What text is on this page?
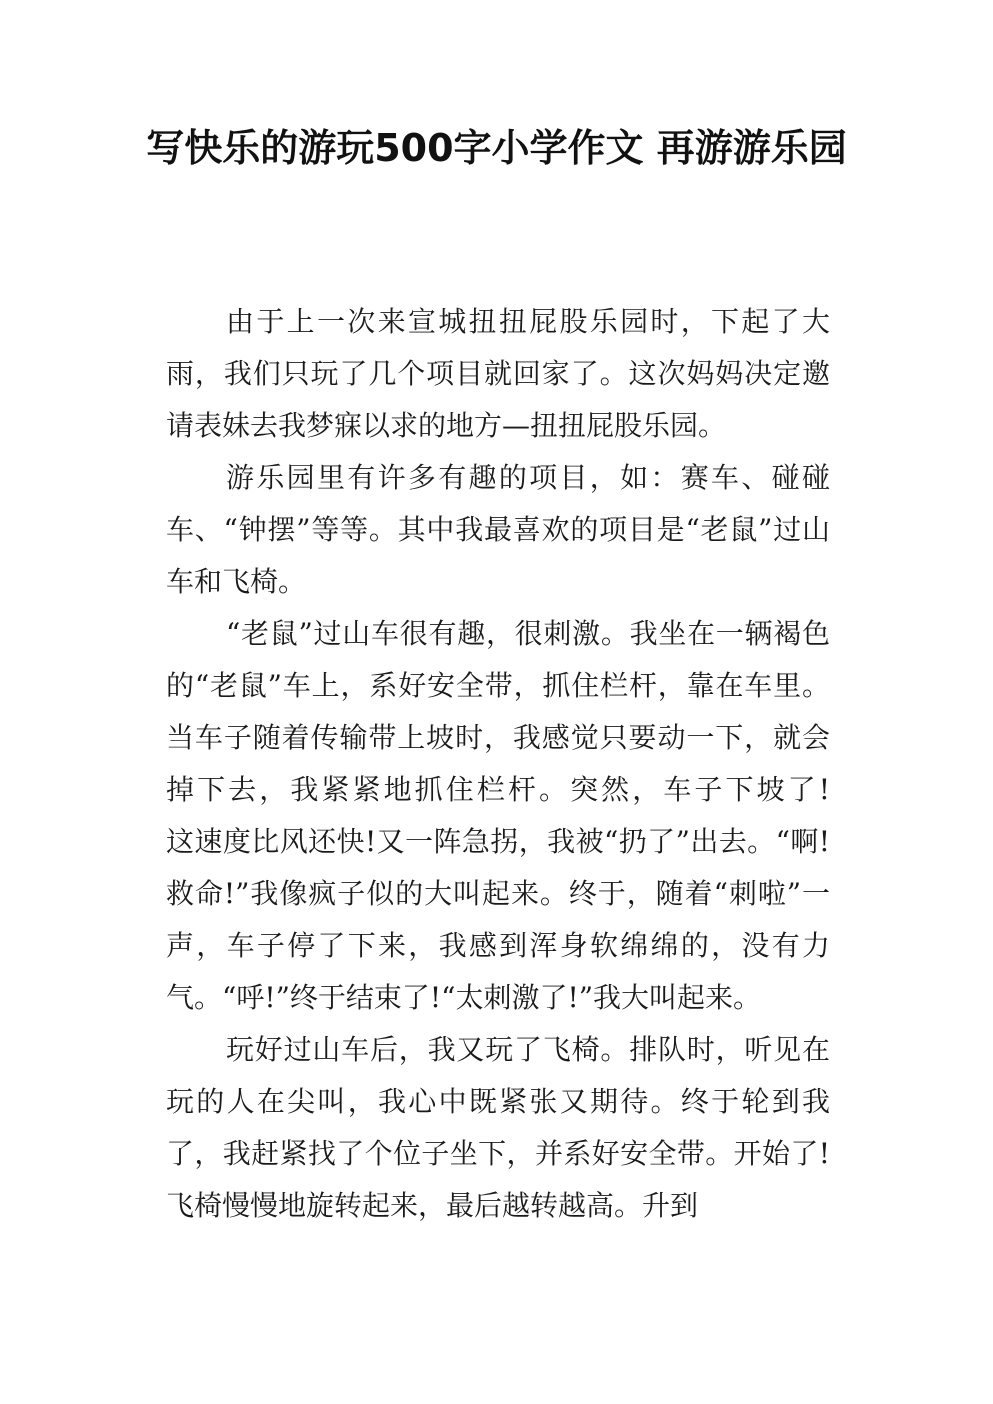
写快乐的游玩500字小学作文 再游游乐园

由于上一次来宣城扭扭屁股乐园时，下起了大雨，我们只玩了几个项目就回家了。这次妈妈决定邀请表妹去我梦寐以求的地方—扭扭屁股乐园。

游乐园里有许多有趣的项目，如：赛车、碰碰车、“钟摆”等等。其中我最喜欢的项目是“老鼠”过山车和飞椅。

“老鼠”过山车很有趣，很刺激。我坐在一辆褐色的“老鼠”车上，系好安全带，抓住栏杆，靠在车里。当车子随着传输带上坡时，我感觉只要动一下，就会掉下去，我紧紧地抓住栏杆。突然，车子下坡了!　　这速度比风还快!又一阵急拐，我被“扔了”出去。“啊!救命!”我像疯子似的大叫起来。终于，随着“刺啦”一声，车子停了下来，我感到浑身软绵绵的，没有力气。“呼!”终于结束了!“太刺激了!”我大叫起来。

玩好过山车后，我又玩了飞椅。排队时，听见在玩的人在尖叫，我心中既紧张又期待。终于轮到我了，我赶紧找了个位子坐下，并系好安全带。开始了!飞椅慢慢地旋转起来，最后越转越高。升到
